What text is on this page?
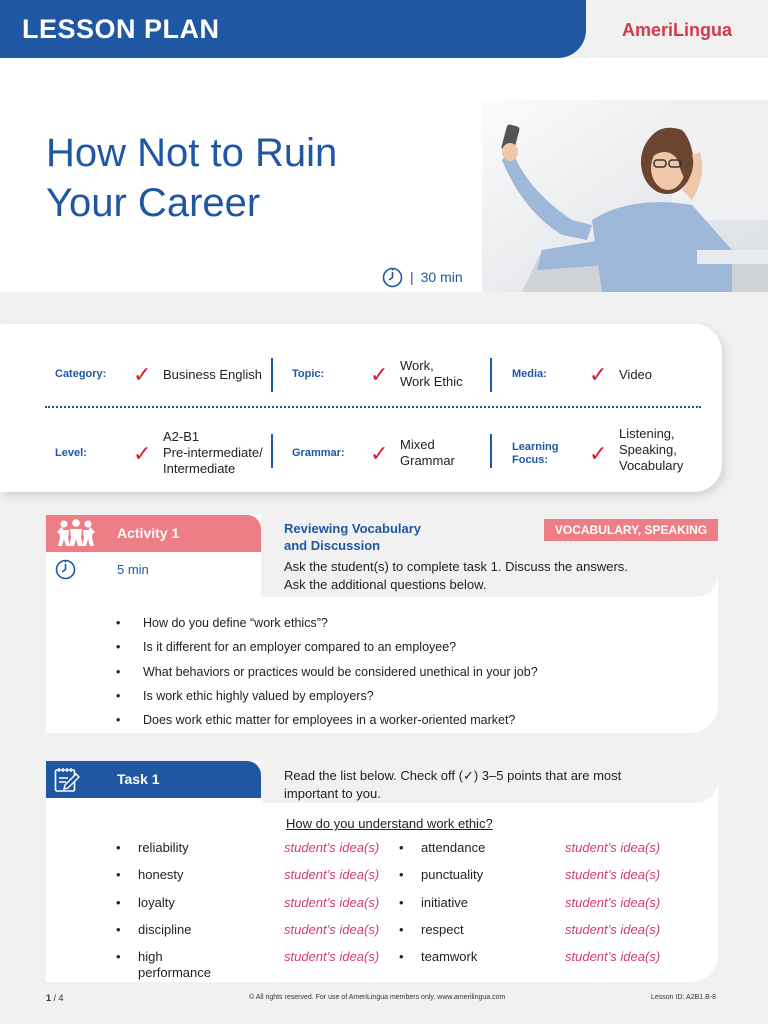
LESSON PLAN	AmeriLingua
How Not to Ruin
Your Career
| 30 min
Category: ✓ Business English	Topic: ✓ Work,
Work Ethic	Media: ✓ Video
Level: ✓
A2-B1
Pre-intermediate/
Intermediate
Grammar: ✓ Mixed
Grammar
Learning
Focus:	✓
Listening,
Speaking,
Vocabulary
Activity 1
5 min
Reviewing Vocabulary
and Discussion
VOCABULARY, SPEAKING
Ask the student(s) to complete task 1. Discuss the answers.
Ask the additional questions below.
• How do you define “work ethics”?
• Is it different for an employer compared to an employee?
• What behaviors or practices would be considered unethical in your job?
• Is work ethic highly valued by employers?
• Does work ethic matter for employees in a worker-oriented market?
Task 1	Read the list below. Check off (✓) 3–5 points that are most
important to you.
How do you understand work ethic?
• reliability	student’s idea(s)
• honesty	student’s idea(s)
• loyalty	student’s idea(s)
• discipline	student’s idea(s)
• high performance
student’s idea(s)
• attendance	student’s idea(s)
• punctuality	student’s idea(s)
• initiative	student’s idea(s)
• respect	student’s idea(s)
• teamwork	student’s idea(s)
1 / 4	© All rights reserved. For use of AmeriLingua members only. www.amerilingua.com	Lesson ID: A2B1.B-8
